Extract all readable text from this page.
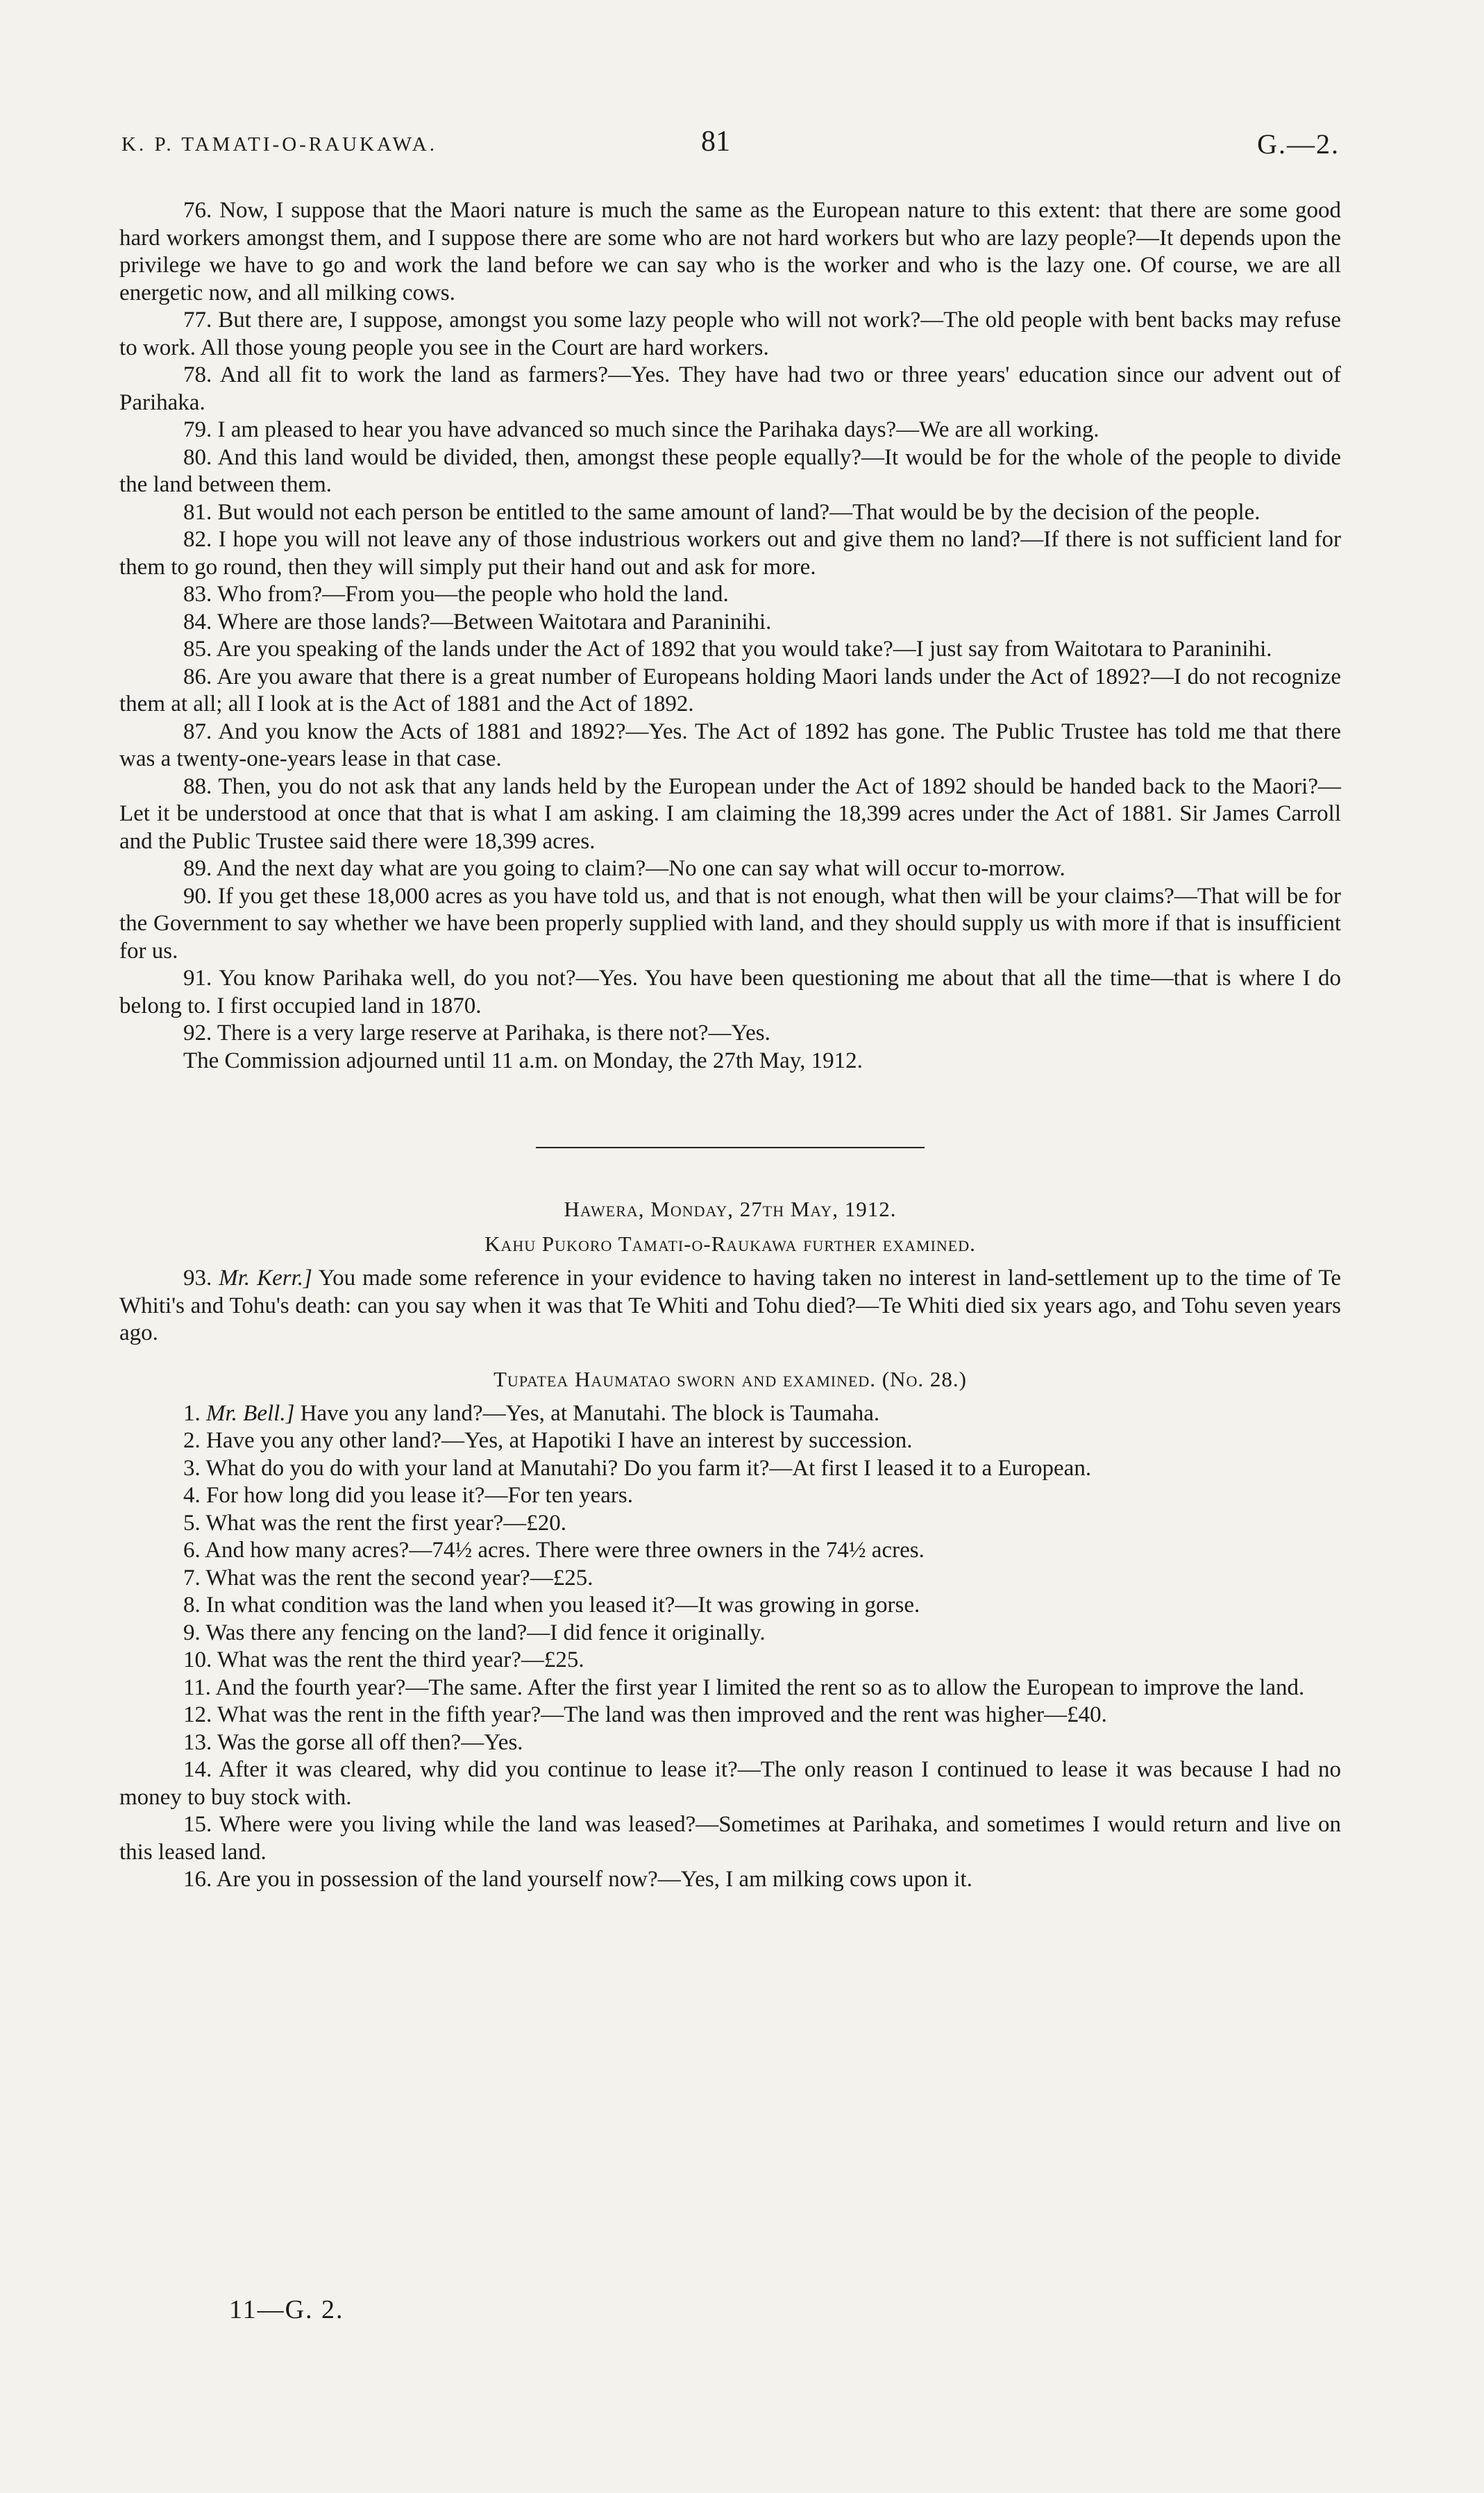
K. P. TAMATI-O-RAUKAWA.	81	G.—2.

76. Now, I suppose that the Maori nature is much the same as the European nature to this extent: that there are some good hard workers amongst them, and I suppose there are some who are not hard workers but who are lazy people?—It depends upon the privilege we have to go and work the land before we can say who is the worker and who is the lazy one. Of course, we are all energetic now, and all milking cows.

77. But there are, I suppose, amongst you some lazy people who will not work?—The old people with bent backs may refuse to work. All those young people you see in the Court are hard workers.

78. And all fit to work the land as farmers?—Yes. They have had two or three years' education since our advent out of Parihaka.

79. I am pleased to hear you have advanced so much since the Parihaka days?—We are all working.

80. And this land would be divided, then, amongst these people equally?—It would be for the whole of the people to divide the land between them.

81. But would not each person be entitled to the same amount of land?—That would be by the decision of the people.

82. I hope you will not leave any of those industrious workers out and give them no land?—If there is not sufficient land for them to go round, then they will simply put their hand out and ask for more.

83. Who from?—From you—the people who hold the land.

84. Where are those lands?—Between Waitotara and Paraninihi.

85. Are you speaking of the lands under the Act of 1892 that you would take?—I just say from Waitotara to Paraninihi.

86. Are you aware that there is a great number of Europeans holding Maori lands under the Act of 1892?—I do not recognize them at all; all I look at is the Act of 1881 and the Act of 1892.

87. And you know the Acts of 1881 and 1892?—Yes. The Act of 1892 has gone. The Public Trustee has told me that there was a twenty-one-years lease in that case.

88. Then, you do not ask that any lands held by the European under the Act of 1892 should be handed back to the Maori?—Let it be understood at once that that is what I am asking. I am claiming the 18,399 acres under the Act of 1881. Sir James Carroll and the Public Trustee said there were 18,399 acres.

89. And the next day what are you going to claim?—No one can say what will occur to-morrow.

90. If you get these 18,000 acres as you have told us, and that is not enough, what then will be your claims?—That will be for the Government to say whether we have been properly supplied with land, and they should supply us with more if that is insufficient for us.

91. You know Parihaka well, do you not?—Yes. You have been questioning me about that all the time—that is where I do belong to. I first occupied land in 1870.

92. There is a very large reserve at Parihaka, is there not?—Yes.

The Commission adjourned until 11 a.m. on Monday, the 27th May, 1912.

Hawera, Monday, 27th May, 1912.

Kahu Pukoro Tamati-o-Raukawa further examined.

93. Mr. Kerr.] You made some reference in your evidence to having taken no interest in land-settlement up to the time of Te Whiti's and Tohu's death: can you say when it was that Te Whiti and Tohu died?—Te Whiti died six years ago, and Tohu seven years ago.

Tupatea Haumatao sworn and examined. (No. 28.)

1. Mr. Bell.] Have you any land?—Yes, at Manutahi. The block is Taumaha.

2. Have you any other land?—Yes, at Hapotiki I have an interest by succession.

3. What do you do with your land at Manutahi? Do you farm it?—At first I leased it to a European.

4. For how long did you lease it?—For ten years.

5. What was the rent the first year?—£20.

6. And how many acres?—74½ acres. There were three owners in the 74½ acres.

7. What was the rent the second year?—£25.

8. In what condition was the land when you leased it?—It was growing in gorse.

9. Was there any fencing on the land?—I did fence it originally.

10. What was the rent the third year?—£25.

11. And the fourth year?—The same. After the first year I limited the rent so as to allow the European to improve the land.

12. What was the rent in the fifth year?—The land was then improved and the rent was higher—£40.

13. Was the gorse all off then?—Yes.

14. After it was cleared, why did you continue to lease it?—The only reason I continued to lease it was because I had no money to buy stock with.

15. Where were you living while the land was leased?—Sometimes at Parihaka, and sometimes I would return and live on this leased land.

16. Are you in possession of the land yourself now?—Yes, I am milking cows upon it.

11—G. 2.
